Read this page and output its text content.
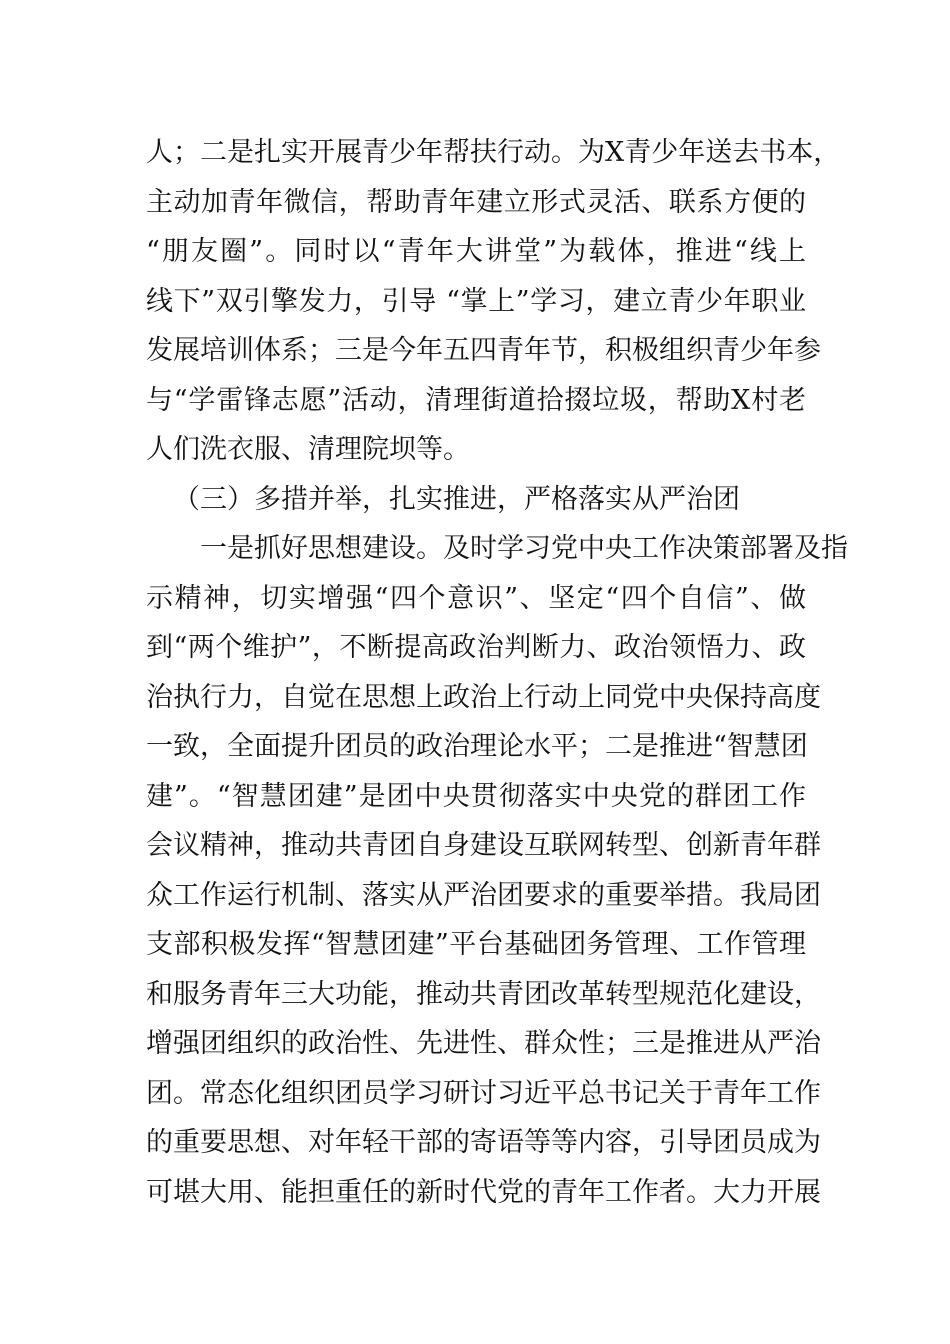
人；二是扎实开展青少年帮扶行动。为X青少年送去书本，
主动加青年微信，帮助青年建立形式灵活、联系方便的
“朋友圈”。同时以“青年大讲堂”为载体，推进“线上
线下”双引擎发力，引导 “掌上”学习，建立青少年职业
发展培训体系；三是今年五四青年节，积极组织青少年参
与“学雷锋志愿”活动，清理街道拾掇垃圾，帮助X村老
人们洗衣服、清理院坝等。
（三）多措并举，扎实推进，严格落实从严治团
一是抓好思想建设。及时学习党中央工作决策部署及指
示精神，切实增强“四个意识”、坚定“四个自信”、做
到“两个维护”，不断提高政治判断力、政治领悟力、政
治执行力，自觉在思想上政治上行动上同党中央保持高度
一致，全面提升团员的政治理论水平；二是推进“智慧团
建”。“智慧团建”是团中央贯彻落实中央党的群团工作
会议精神，推动共青团自身建设互联网转型、创新青年群
众工作运行机制、落实从严治团要求的重要举措。我局团
支部积极发挥“智慧团建”平台基础团务管理、工作管理
和服务青年三大功能，推动共青团改革转型规范化建设，
增强团组织的政治性、先进性、群众性；三是推进从严治
团。常态化组织团员学习研讨习近平总书记关于青年工作
的重要思想、对年轻干部的寄语等等内容，引导团员成为
可堪大用、能担重任的新时代党的青年工作者。大力开展
